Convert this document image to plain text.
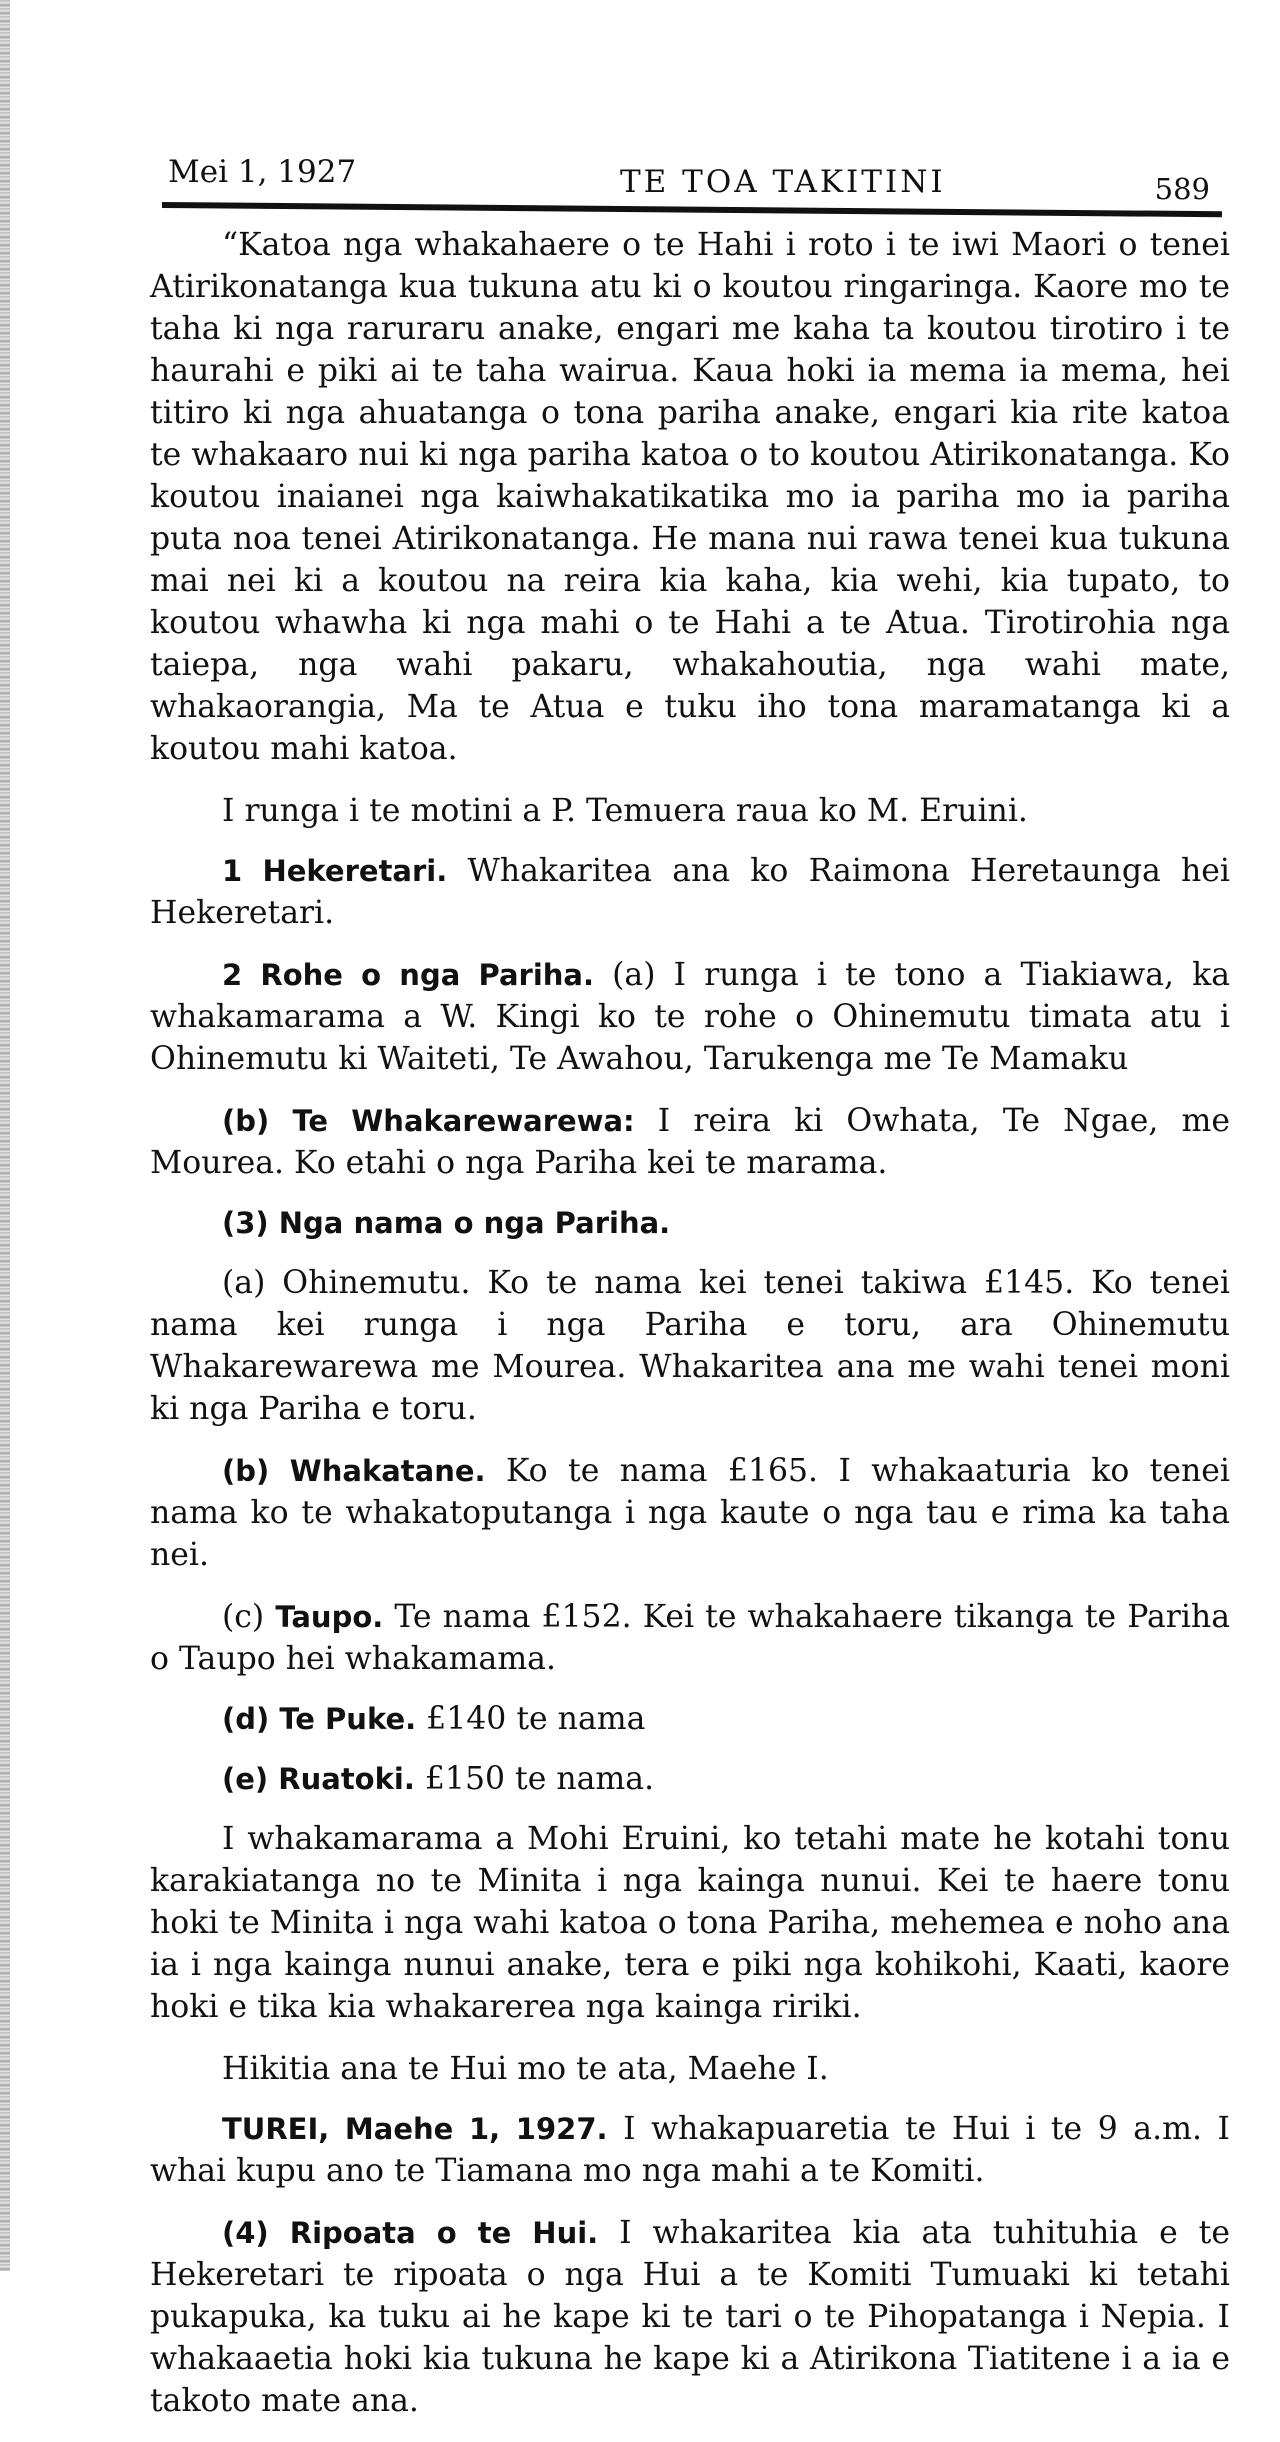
Mei 1, 1927	TE TOA TAKITINI	589

“Katoa nga whakahaere o te Hahi i roto i te iwi Maori o tenei Atirikonatanga kua tukuna atu ki o koutou ringaringa. Kaore mo te taha ki nga raruraru anake, engari me kaha ta koutou tirotiro i te haurahi e piki ai te taha wairua. Kaua hoki ia mema ia mema, hei titiro ki nga ahuatanga o tona pariha anake, engari kia rite katoa te whakaaro nui ki nga pariha katoa o to koutou Atirikonatanga. Ko koutou inaianei nga kaiwhakatikatika mo ia pariha mo ia pariha puta noa tenei Atirikonatanga. He mana nui rawa tenei kua tukuna mai nei ki a koutou na reira kia kaha, kia wehi, kia tupato, to koutou whawha ki nga mahi o te Hahi a te Atua. Tirotirohia nga taiepa, nga wahi pakaru, whakahoutia, nga wahi mate, whakaorangia, Ma te Atua e tuku iho tona maramatanga ki a koutou mahi katoa.

I runga i te motini a P. Temuera raua ko M. Eruini.

1 Hekeretari. Whakaritea ana ko Raimona Heretaunga hei Hekeretari.

2 Rohe o nga Pariha. (a) I runga i te tono a Tiakiawa, ka whakamarama a W. Kingi ko te rohe o Ohinemutu timata atu i Ohinemutu ki Waiteti, Te Awahou, Tarukenga me Te Mamaku

(b) Te Whakarewarewa: I reira ki Owhata, Te Ngae, me Mourea. Ko etahi o nga Pariha kei te marama.

(3) Nga nama o nga Pariha.

(a) Ohinemutu. Ko te nama kei tenei takiwa £145. Ko tenei nama kei runga i nga Pariha e toru, ara Ohinemutu Whakarewarewa me Mourea. Whakaritea ana me wahi tenei moni ki nga Pariha e toru.

(b) Whakatane. Ko te nama £165. I whakaaturia ko tenei nama ko te whakatoputanga i nga kaute o nga tau e rima ka taha nei.

(c) Taupo. Te nama £152. Kei te whakahaere tikanga te Pariha o Taupo hei whakamama.

(d) Te Puke. £140 te nama

(e) Ruatoki. £150 te nama.

I whakamarama a Mohi Eruini, ko tetahi mate he kotahi tonu karakiatanga no te Minita i nga kainga nunui. Kei te haere tonu hoki te Minita i nga wahi katoa o tona Pariha, mehemea e noho ana ia i nga kainga nunui anake, tera e piki nga kohikohi, Kaati, kaore hoki e tika kia whakarerea nga kainga ririki.

Hikitia ana te Hui mo te ata, Maehe I.

TUREI, Maehe 1, 1927. I whakapuaretia te Hui i te 9 a.m. I whai kupu ano te Tiamana mo nga mahi a te Komiti.

(4) Ripoata o te Hui. I whakaritea kia ata tuhituhia e te Hekeretari te ripoata o nga Hui a te Komiti Tumuaki ki tetahi pukapuka, ka tuku ai he kape ki te tari o te Pihopatanga i Nepia. I whakaaetia hoki kia tukuna he kape ki a Atirikona Tiatitene i a ia e takoto mate ana.
